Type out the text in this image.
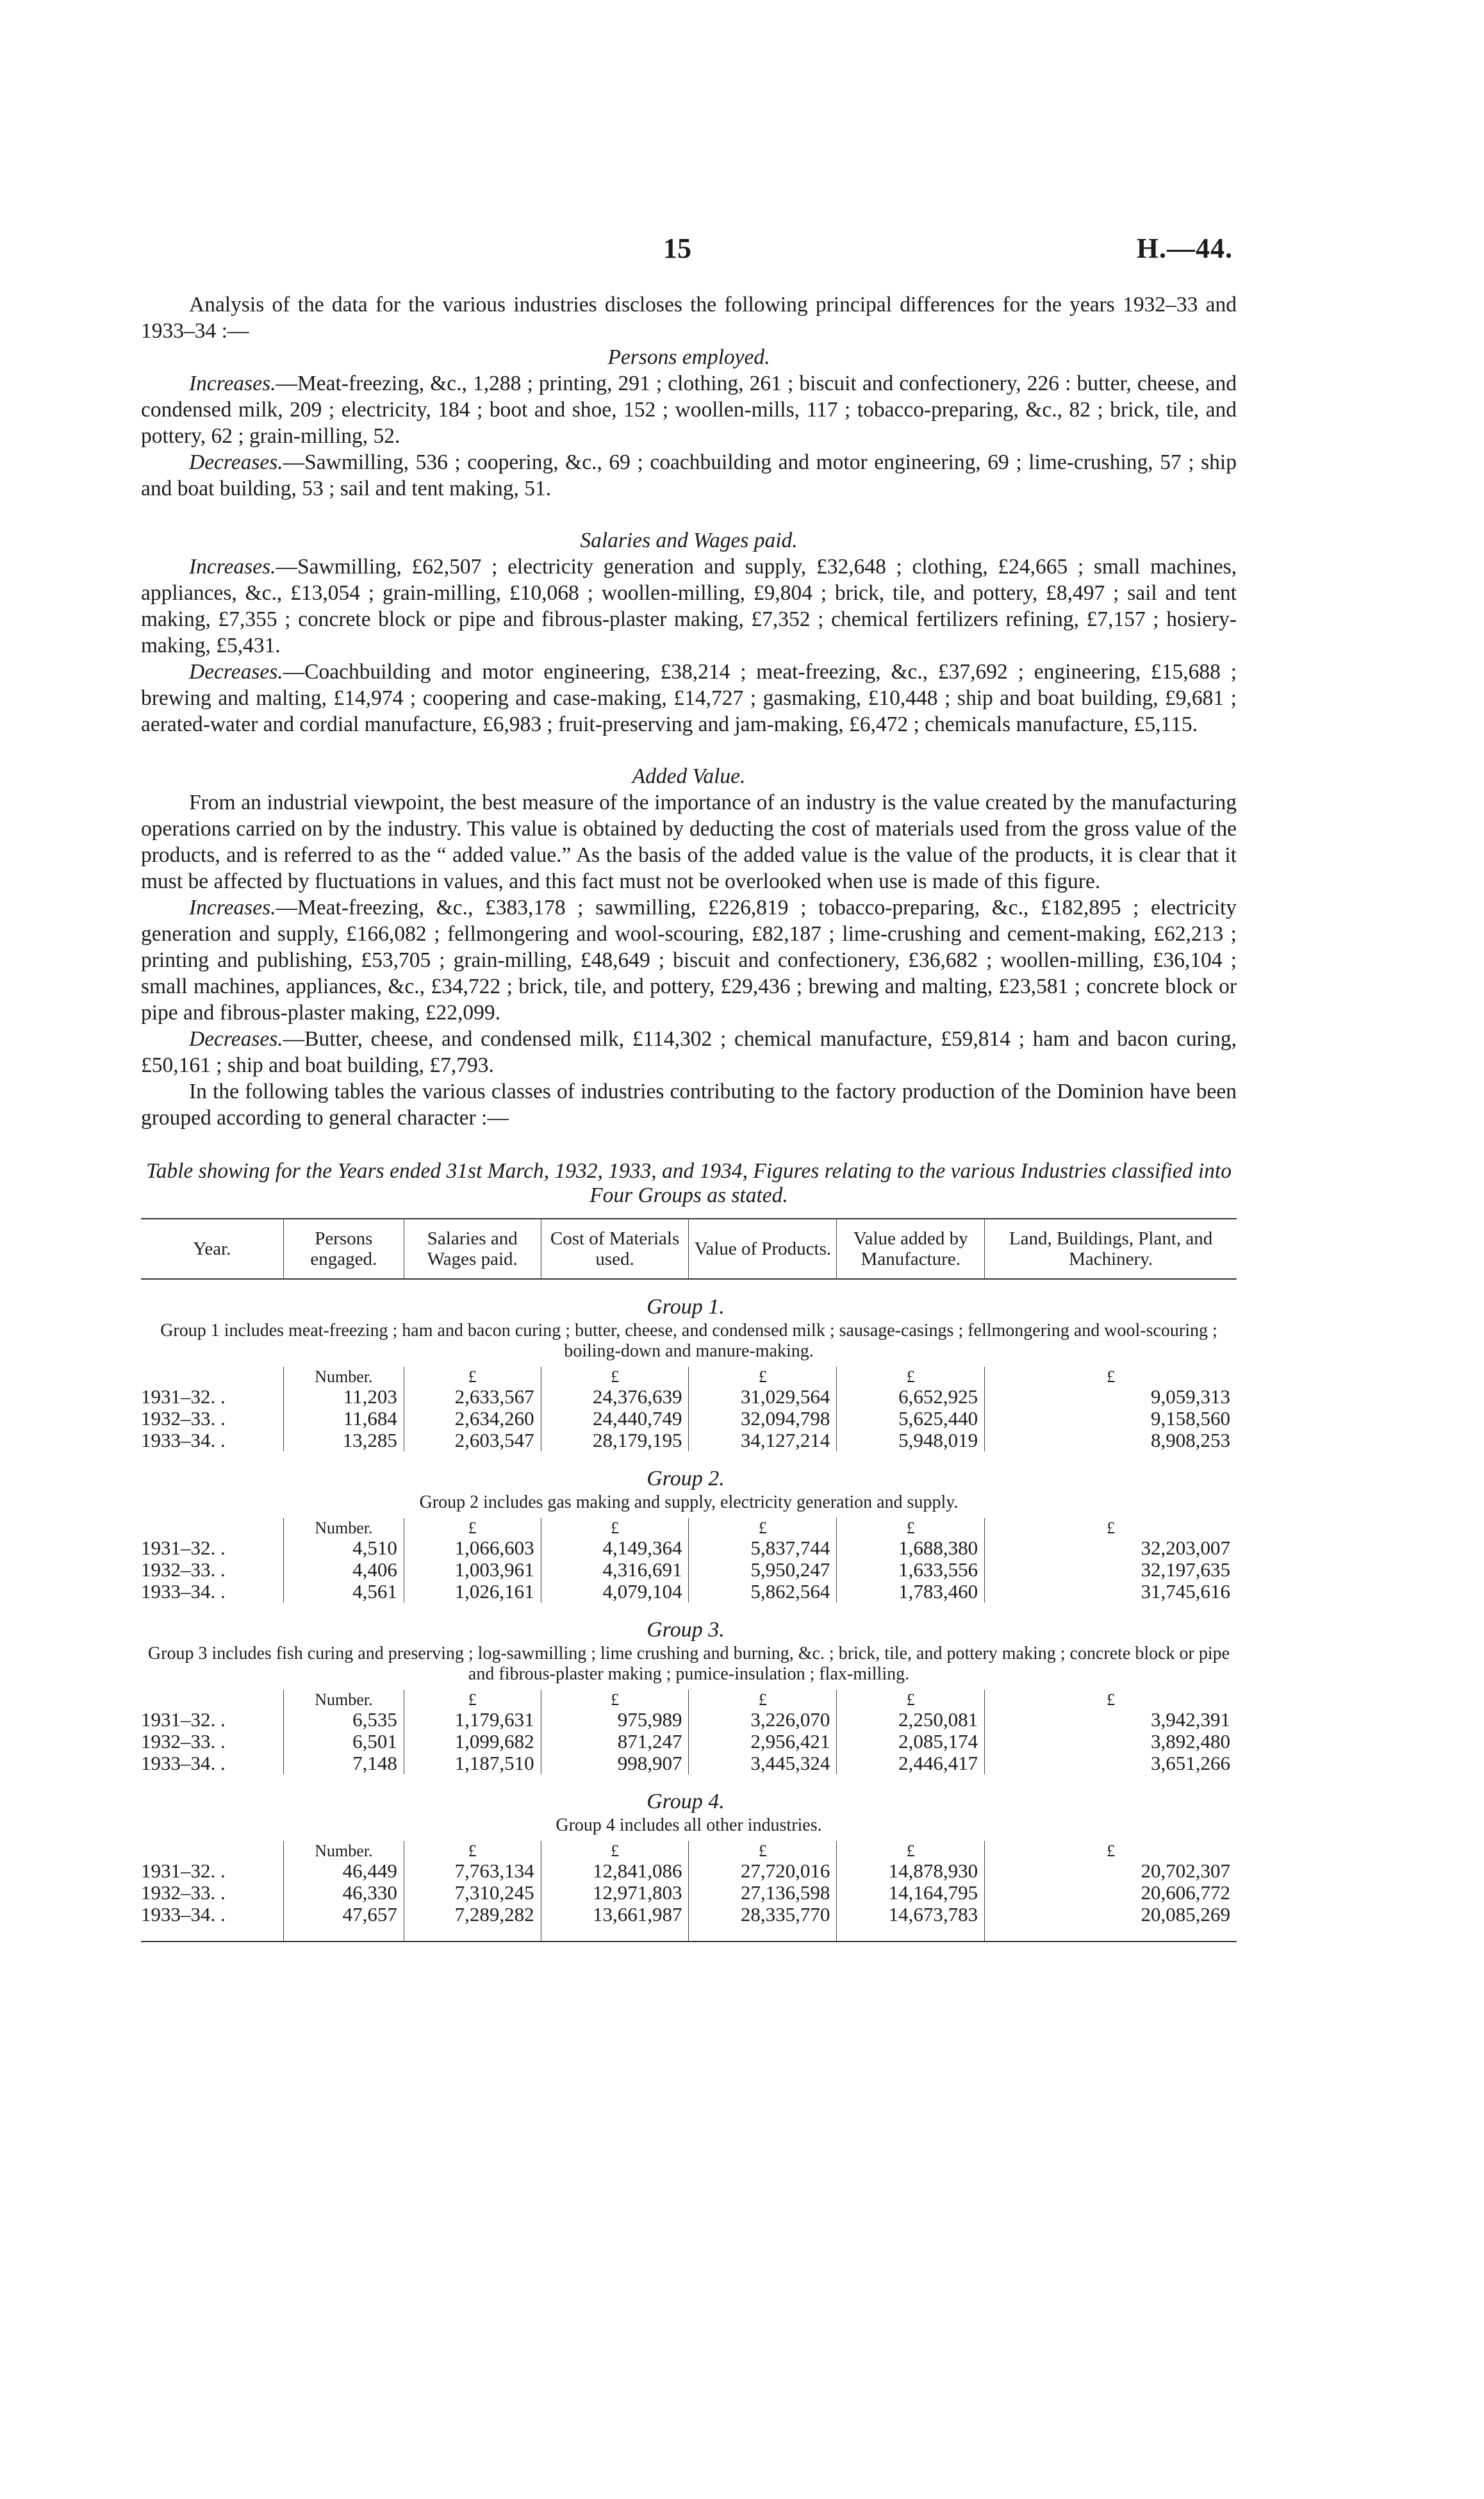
15	H.—44.

Analysis of the data for the various industries discloses the following principal differences for the years 1932–33 and 1933–34 :—

Persons employed.

Increases.—Meat-freezing, &c., 1,288 ; printing, 291 ; clothing, 261 ; biscuit and confectionery, 226 : butter, cheese, and condensed milk, 209 ; electricity, 184 ; boot and shoe, 152 ; woollen-mills, 117 ; tobacco-preparing, &c., 82 ; brick, tile, and pottery, 62 ; grain-milling, 52.

Decreases.—Sawmilling, 536 ; coopering, &c., 69 ; coachbuilding and motor engineering, 69 ; lime-crushing, 57 ; ship and boat building, 53 ; sail and tent making, 51.

Salaries and Wages paid.

Increases.—Sawmilling, £62,507 ; electricity generation and supply, £32,648 ; clothing, £24,665 ; small machines, appliances, &c., £13,054 ; grain-milling, £10,068 ; woollen-milling, £9,804 ; brick, tile, and pottery, £8,497 ; sail and tent making, £7,355 ; concrete block or pipe and fibrous-plaster making, £7,352 ; chemical fertilizers refining, £7,157 ; hosiery-making, £5,431.

Decreases.—Coachbuilding and motor engineering, £38,214 ; meat-freezing, &c., £37,692 ; engineering, £15,688 ; brewing and malting, £14,974 ; coopering and case-making, £14,727 ; gasmaking, £10,448 ; ship and boat building, £9,681 ; aerated-water and cordial manufacture, £6,983 ; fruit-preserving and jam-making, £6,472 ; chemicals manufacture, £5,115.

Added Value.

From an industrial viewpoint, the best measure of the importance of an industry is the value created by the manufacturing operations carried on by the industry. This value is obtained by deducting the cost of materials used from the gross value of the products, and is referred to as the “ added value.” As the basis of the added value is the value of the products, it is clear that it must be affected by fluctuations in values, and this fact must not be overlooked when use is made of this figure.

Increases.—Meat-freezing, &c., £383,178 ; sawmilling, £226,819 ; tobacco-preparing, &c., £182,895 ; electricity generation and supply, £166,082 ; fellmongering and wool-scouring, £82,187 ; lime-crushing and cement-making, £62,213 ; printing and publishing, £53,705 ; grain-milling, £48,649 ; biscuit and confectionery, £36,682 ; woollen-milling, £36,104 ; small machines, appliances, &c., £34,722 ; brick, tile, and pottery, £29,436 ; brewing and malting, £23,581 ; concrete block or pipe and fibrous-plaster making, £22,099.

Decreases.—Butter, cheese, and condensed milk, £114,302 ; chemical manufacture, £59,814 ; ham and bacon curing, £50,161 ; ship and boat building, £7,793.

In the following tables the various classes of industries contributing to the factory production of the Dominion have been grouped according to general character :—

Table showing for the Years ended 31st March, 1932, 1933, and 1934, Figures relating to the various Industries classified into Four Groups as stated.

Year.	Persons engaged.	Salaries and Wages paid.	Cost of Materials used.	Value of Products.	Value added by Manufacture.	Land, Buildings, Plant, and Machinery.
Group 1.						
Group 1 includes meat-freezing ; ham and bacon curing ; butter, cheese, and condensed milk ; sausage-casings ; fellmongering and wool-scouring ; boiling-down and manure-making.						
	Number.	£	£	£	£	£
1931–32. .	11,203	2,633,567	24,376,639	31,029,564	6,652,925	9,059,313
1932–33. .	11,684	2,634,260	24,440,749	32,094,798	5,625,440	9,158,560
1933–34. .	13,285	2,603,547	28,179,195	34,127,214	5,948,019	8,908,253
Group 2.						
Group 2 includes gas making and supply, electricity generation and supply.						
	Number.	£	£	£	£	£
1931–32. .	4,510	1,066,603	4,149,364	5,837,744	1,688,380	32,203,007
1932–33. .	4,406	1,003,961	4,316,691	5,950,247	1,633,556	32,197,635
1933–34. .	4,561	1,026,161	4,079,104	5,862,564	1,783,460	31,745,616
Group 3.						
Group 3 includes fish curing and preserving ; log-sawmilling ; lime crushing and burning, &c. ; brick, tile, and pottery making ; concrete block or pipe and fibrous-plaster making ; pumice-insulation ; flax-milling.						
	Number.	£	£	£	£	£
1931–32. .	6,535	1,179,631	975,989	3,226,070	2,250,081	3,942,391
1932–33. .	6,501	1,099,682	871,247	2,956,421	2,085,174	3,892,480
1933–34. .	7,148	1,187,510	998,907	3,445,324	2,446,417	3,651,266
Group 4.						
Group 4 includes all other industries.						
	Number.	£	£	£	£	£
1931–32. .	46,449	7,763,134	12,841,086	27,720,016	14,878,930	20,702,307
1932–33. .	46,330	7,310,245	12,971,803	27,136,598	14,164,795	20,606,772
1933–34. .	47,657	7,289,282	13,661,987	28,335,770	14,673,783	20,085,269
